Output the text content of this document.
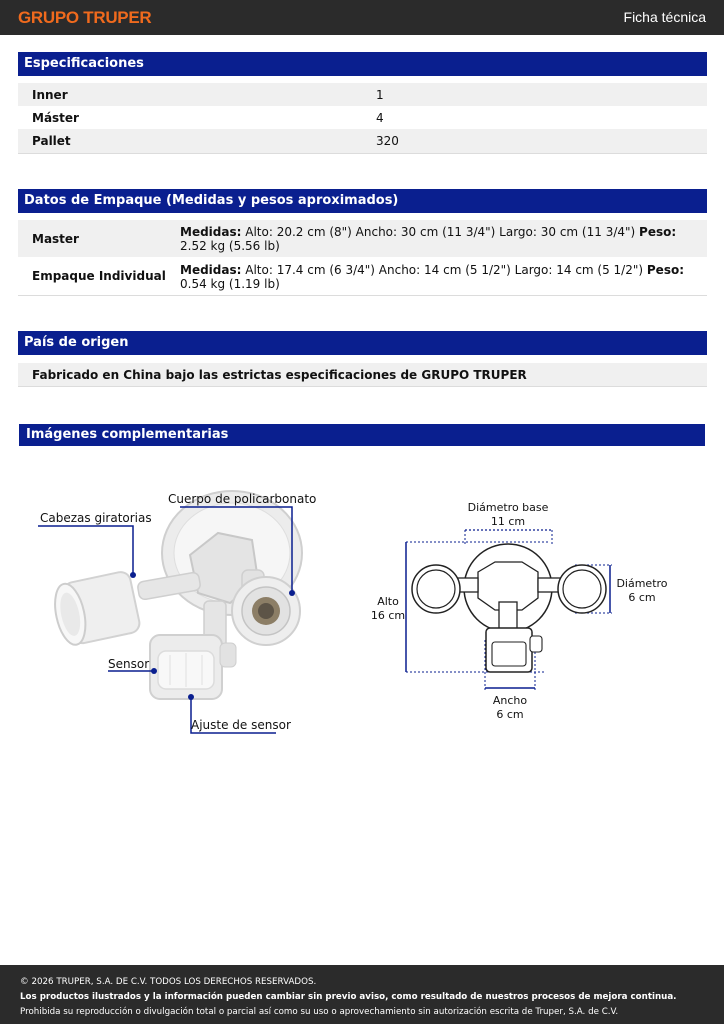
GRUPO TRUPER	Ficha técnica
Especificaciones
Inner	1
Máster	4
Pallet	320
Datos de Empaque (Medidas y pesos aproximados)
Master	Medidas: Alto: 20.2 cm (8") Ancho: 30 cm (11 3/4") Largo: 30 cm (11 3/4") Peso: 2.52 kg (5.56 lb)
Empaque Individual Medidas: Alto: 17.4 cm (6 3/4") Ancho: 14 cm (5 1/2") Largo: 14 cm (5 1/2") Peso: 0.54 kg (1.19 lb)
País de origen
Fabricado en China bajo las estrictas especificaciones de GRUPO TRUPER
Imágenes complementarias
Cuerpo de policarbonato
Cabezas giratorias
Sensor
Ajuste de sensor
Diámetro base
11 cm
Diámetro
6 cm
Alto
16 cm
Ancho
6 cm
© 2026 TRUPER, S.A. DE C.V. TODOS LOS DERECHOS RESERVADOS.
Los productos ilustrados y la información pueden cambiar sin previo aviso, como resultado de nuestros procesos de mejora continua.
Prohibida su reproducción o divulgación total o parcial así como su uso o aprovechamiento sin autorización escrita de Truper, S.A. de C.V.
